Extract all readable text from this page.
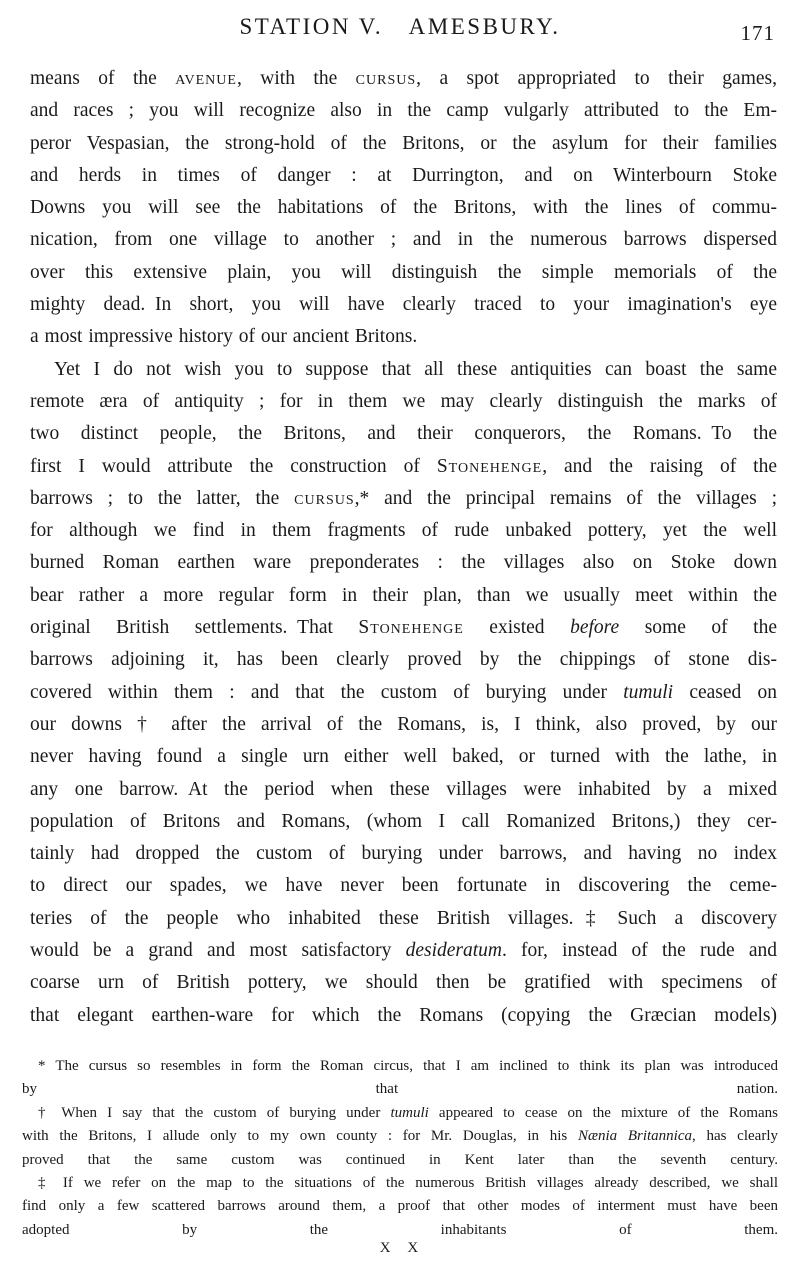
STATION V. AMESBURY.	171
means of the avenue, with the cursus, a spot appropriated to their games,
and races ; you will recognize also in the camp vulgarly attributed to the Em-
peror Vespasian, the strong-hold of the Britons, or the asylum for their families
and herds in times of danger : at Durrington, and on Winterbourn Stoke
Downs you will see the habitations of the Britons, with the lines of commu-
nication, from one village to another ; and in the numerous barrows dispersed
over this extensive plain, you will distinguish the simple memorials of the
mighty dead. In short, you will have clearly traced to your imagination's eye
a most impressive history of our ancient Britons.
Yet I do not wish you to suppose that all these antiquities can boast the same
remote æra of antiquity ; for in them we may clearly distinguish the marks of
two distinct people, the Britons, and their conquerors, the Romans. To the
first I would attribute the construction of Stonehenge, and the raising of the
barrows ; to the latter, the cursus,* and the principal remains of the villages ;
for although we find in them fragments of rude unbaked pottery, yet the well
burned Roman earthen ware preponderates : the villages also on Stoke down
bear rather a more regular form in their plan, than we usually meet within the
original British settlements. That Stonehenge existed before some of the
barrows adjoining it, has been clearly proved by the chippings of stone dis-
covered within them : and that the custom of burying under tumuli ceased on
our downs † after the arrival of the Romans, is, I think, also proved, by our
never having found a single urn either well baked, or turned with the lathe, in
any one barrow. At the period when these villages were inhabited by a mixed
population of Britons and Romans, (whom I call Romanized Britons,) they cer-
tainly had dropped the custom of burying under barrows, and having no index
to direct our spades, we have never been fortunate in discovering the ceme-
teries of the people who inhabited these British villages.‡ Such a discovery
would be a grand and most satisfactory desideratum. for, instead of the rude and
coarse urn of British pottery, we should then be gratified with specimens of
that elegant earthen-ware for which the Romans (copying the Græcian models)
* The cursus so resembles in form the Roman circus, that I am inclined to think its plan was introduced
by that nation.
† When I say that the custom of burying under tumuli appeared to cease on the mixture of the Romans
with the Britons, I allude only to my own county : for Mr. Douglas, in his Nænia Britannica, has clearly
proved that the same custom was continued in Kent later than the seventh century.
‡ If we refer on the map to the situations of the numerous British villages already described, we shall
find only a few scattered barrows around them, a proof that other modes of interment must have been
adopted by the inhabitants of them.
X X
